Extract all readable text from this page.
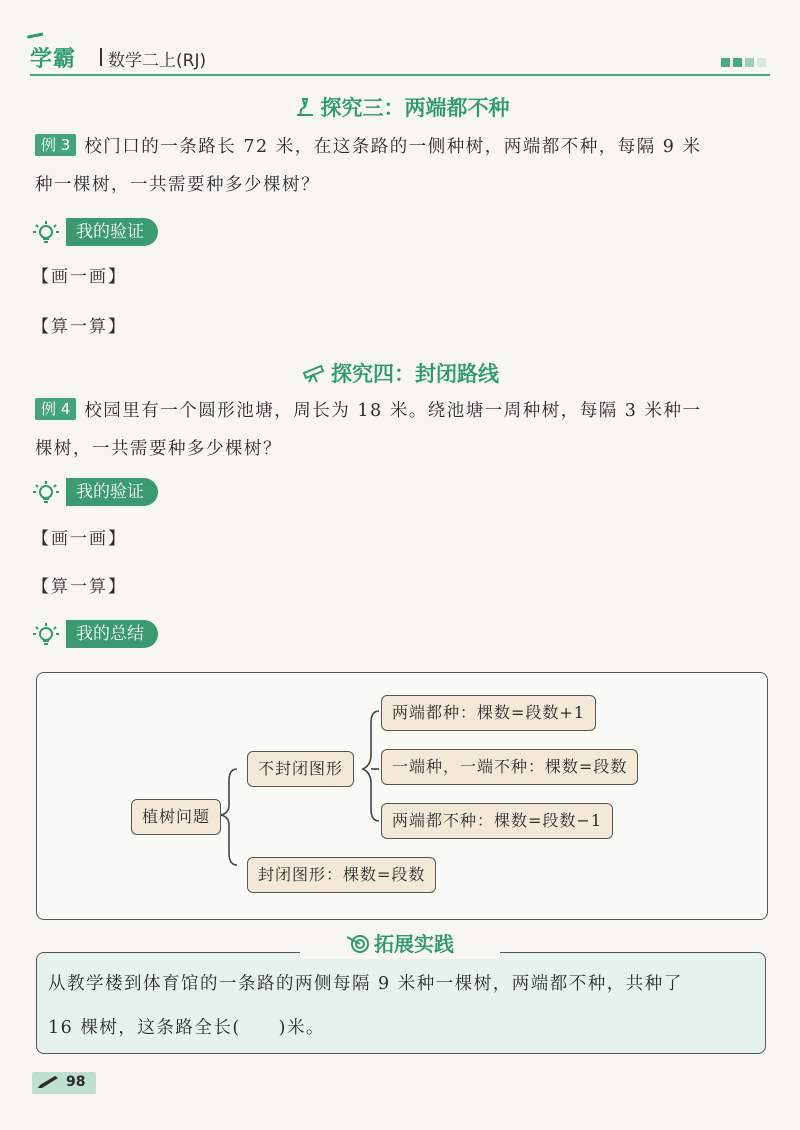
学霸 数学二上(RJ)
探究三：两端都不种
例 3 校门口的一条路长 72 米，在这条路的一侧种树，两端都不种，每隔 9 米
种一棵树，一共需要种多少棵树？
我的验证
【画一画】
【算一算】
探究四：封闭路线
例 4 校园里有一个圆形池塘，周长为 18 米。绕池塘一周种树，每隔 3 米种一
棵树，一共需要种多少棵树？
我的验证
【画一画】
【算一算】
我的总结
植树问题
不封闭图形
封闭图形：棵数=段数
两端都种：棵数=段数+1
一端种，一端不种：棵数=段数
两端都不种：棵数=段数−1
拓展实践
从教学楼到体育馆的一条路的两侧每隔 9 米种一棵树，两端都不种，共种了
16 棵树，这条路全长(　　)米。
98
